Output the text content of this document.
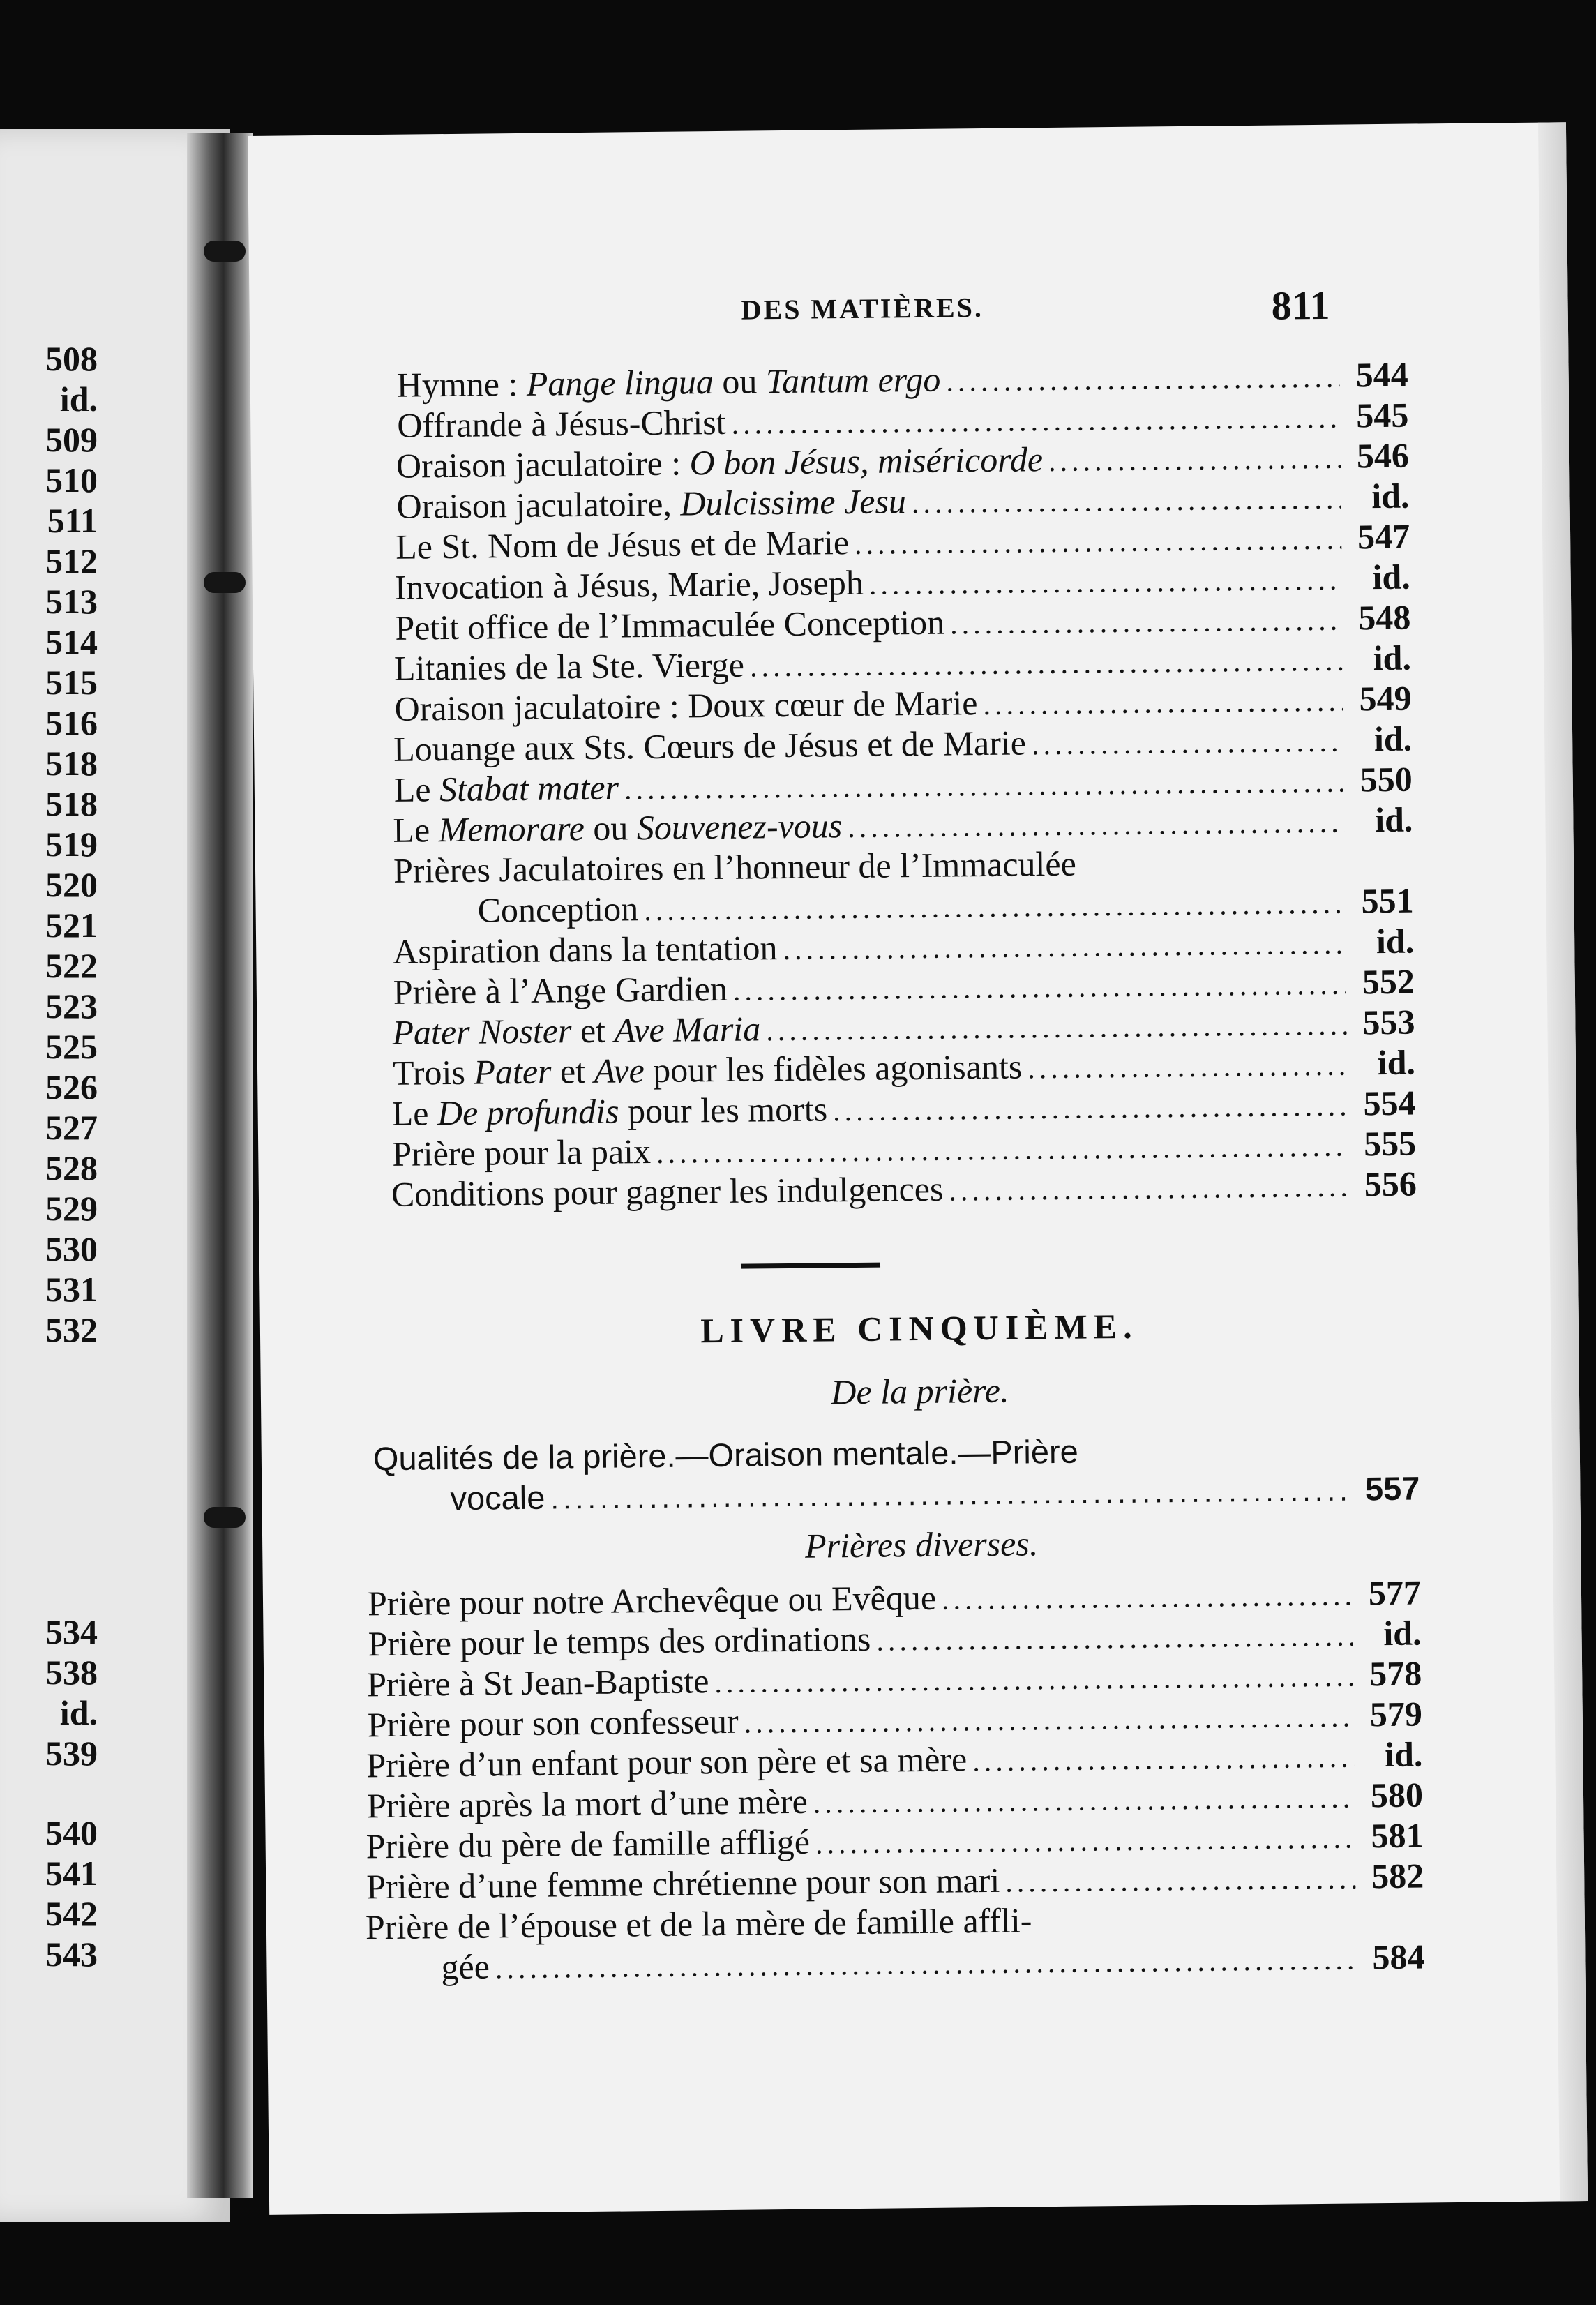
508
id.
509
510
511
512
513
514
515
516
518
518
519
520
521
522
523
525
526
527
528
529
530
531
532
534
538
id.
539
540
541
542
543
DES MATIÈRES.	811
Hymne : Pange lingua ou Tantum ergo .....	544
Offrande à Jésus-Christ .....	545
Oraison jaculatoire : O bon Jésus, miséricorde .....	546
Oraison jaculatoire, Dulcissime Jesu .....	id.
Le St. Nom de Jésus et de Marie .....	547
Invocation à Jésus, Marie, Joseph .....	id.
Petit office de l’Immaculée Conception .....	548
Litanies de la Ste. Vierge .....	id.
Oraison jaculatoire : Doux cœur de Marie .....	549
Louange aux Sts. Cœurs de Jésus et de Marie .....	id.
Le Stabat mater .....	550
Le Memorare ou Souvenez-vous .....	id.
Prières Jaculatoires en l’honneur de l’Immaculée
Conception .....	551
Aspiration dans la tentation .....	id.
Prière à l’Ange Gardien .....	552
Pater Noster et Ave Maria .....	553
Trois Pater et Ave pour les fidèles agonisants .....	id.
Le De profundis pour les morts .....	554
Prière pour la paix .....	555
Conditions pour gagner les indulgences .....	556
LIVRE CINQUIÈME.
De la prière.
Qualités de la prière.—Oraison mentale.—Prière
vocale .....	557
Prières diverses.
Prière pour notre Archevêque ou Evêque .....	577
Prière pour le temps des ordinations .....	id.
Prière à St Jean-Baptiste .....	578
Prière pour son confesseur .....	579
Prière d’un enfant pour son père et sa mère .....	id.
Prière après la mort d’une mère .....	580
Prière du père de famille affligé .....	581
Prière d’une femme chrétienne pour son mari .....	582
Prière de l’épouse et de la mère de famille affli-
gée .....	584
